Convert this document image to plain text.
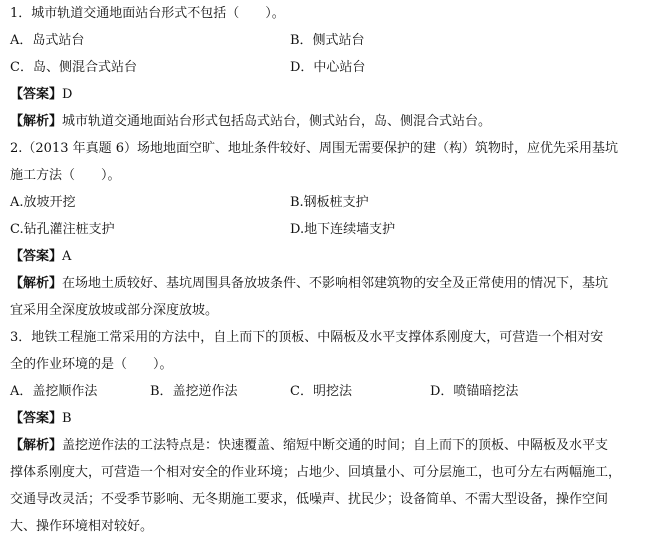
1．城市轨道交通地面站台形式不包括（　　）。
A．岛式站台	B．侧式站台
C．岛、侧混合式站台	D．中心站台
【答案】D
【解析】城市轨道交通地面站台形式包括岛式站台，侧式站台，岛、侧混合式站台。
2.（2013 年真题 6）场地地面空旷、地址条件较好、周围无需要保护的建（构）筑物时，应优先采用基坑
施工方法（　　）。
A.放坡开挖	B.钢板桩支护
C.钻孔灌注桩支护	D.地下连续墙支护
【答案】A
【解析】在场地土质较好、基坑周围具备放坡条件、不影响相邻建筑物的安全及正常使用的情况下，基坑
宜采用全深度放坡或部分深度放坡。
3．地铁工程施工常采用的方法中，自上而下的顶板、中隔板及水平支撑体系刚度大，可营造一个相对安
全的作业环境的是（　　）。
A．盖挖顺作法	B．盖挖逆作法	C．明挖法	D．喷锚暗挖法
【答案】B
【解析】盖挖逆作法的工法特点是：快速覆盖、缩短中断交通的时间；自上而下的顶板、中隔板及水平支
撑体系刚度大，可营造一个相对安全的作业环境；占地少、回填量小、可分层施工，也可分左右两幅施工，
交通导改灵活；不受季节影响、无冬期施工要求，低噪声、扰民少；设备简单、不需大型设备，操作空间
大、操作环境相对较好。
